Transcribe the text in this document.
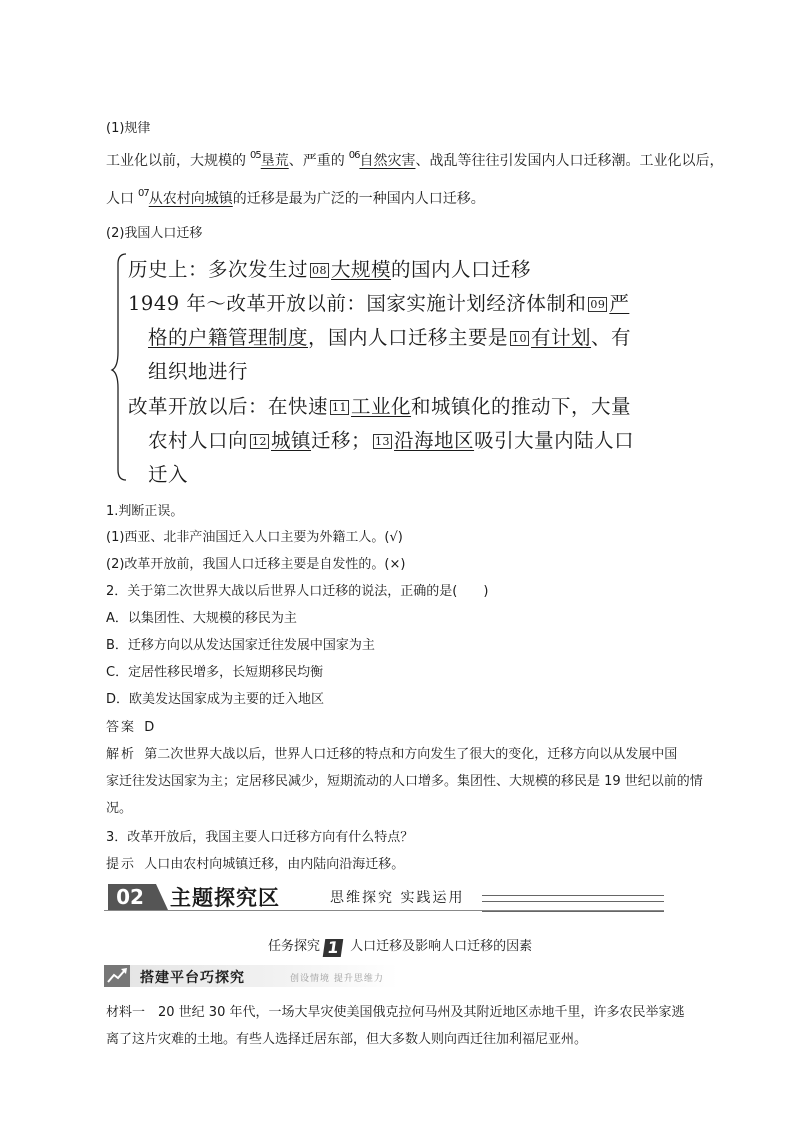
(1)规律
工业化以前，大规模的 $^{05}$垦荒、严重的 $^{06}$自然灾害、战乱等往往引发国内人口迁移潮。工业化以后，
人口 $^{07}$从农村向城镇的迁移是最为广泛的一种国内人口迁移。
(2)我国人口迁移
历史上：多次发生过 08 大规模的国内人口迁移
1949 年～改革开放以前：国家实施计划经济体制和 09 严
格的户籍管理制度，国内人口迁移主要是 10 有计划、有
组织地进行
改革开放以后：在快速 11 工业化和城镇化的推动下，大量
农村人口向 12 城镇迁移； 13 沿海地区吸引大量内陆人口
迁入
1.判断正误。
(1)西亚、北非产油国迁入人口主要为外籍工人。(√)
(2)改革开放前，我国人口迁移主要是自发性的。(×)
2．关于第二次世界大战以后世界人口迁移的说法，正确的是(　　)
A．以集团性、大规模的移民为主
B．迁移方向以从发达国家迁往发展中国家为主
C．定居性移民增多，长短期移民均衡
D．欧美发达国家成为主要的迁入地区
答案 D
解析 第二次世界大战以后，世界人口迁移的特点和方向发生了很大的变化，迁移方向以从发展中国
家迁往发达国家为主；定居移民减少，短期流动的人口增多。集团性、大规模的移民是 19 世纪以前的情
况。
3．改革开放后，我国主要人口迁移方向有什么特点？
提示 人口由农村向城镇迁移，由内陆向沿海迁移。
02	主题探究区	思维探究 实践运用
任务探究 1 人口迁移及影响人口迁移的因素
搭建平台巧探究	创设情境 提升思维力
材料一　20 世纪 30 年代，一场大旱灾使美国俄克拉何马州及其附近地区赤地千里，许多农民举家逃
离了这片灾难的土地。有些人选择迁居东部，但大多数人则向西迁往加利福尼亚州。
